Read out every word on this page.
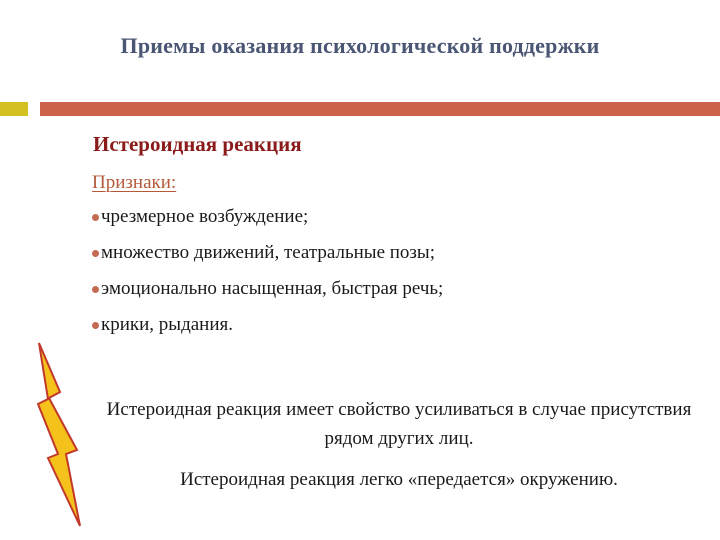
Приемы оказания психологической поддержки
Истероидная реакция
Признаки:
чрезмерное возбуждение;
множество движений, театральные позы;
эмоционально насыщенная, быстрая речь;
крики, рыдания.
Истероидная реакция имеет свойство усиливаться в случае присутствия рядом других лиц.
Истероидная реакция легко «передается» окружению.
